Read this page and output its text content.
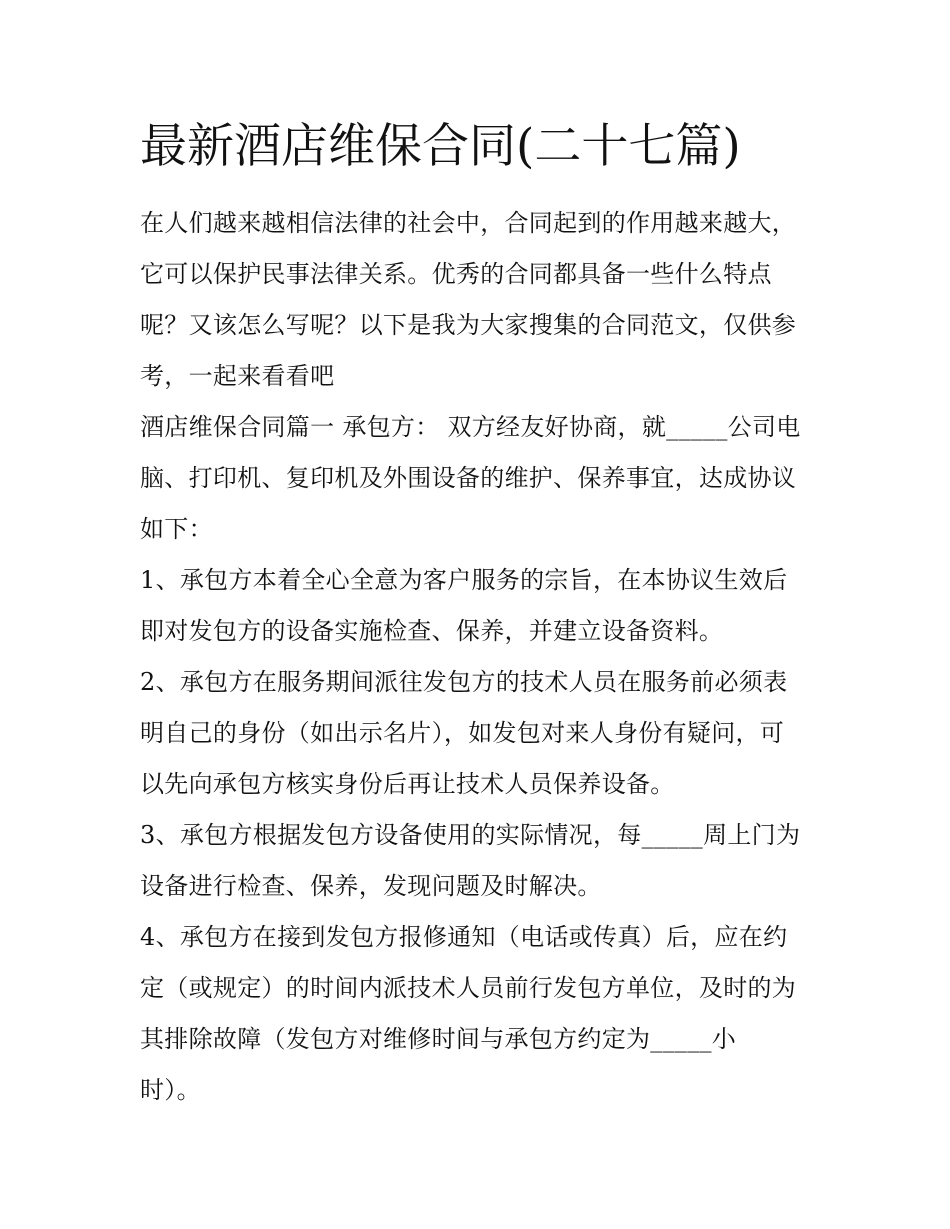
最新酒店维保合同(二十七篇)
在人们越来越相信法律的社会中，合同起到的作用越来越大，
它可以保护民事法律关系。优秀的合同都具备一些什么特点
呢？又该怎么写呢？以下是我为大家搜集的合同范文，仅供参
考，一起来看看吧
酒店维保合同篇一 承包方： 双方经友好协商，就_____公司电
脑、打印机、复印机及外围设备的维护、保养事宜，达成协议
如下：
1、承包方本着全心全意为客户服务的宗旨，在本协议生效后
即对发包方的设备实施检查、保养，并建立设备资料。
2、承包方在服务期间派往发包方的技术人员在服务前必须表
明自己的身份（如出示名片），如发包对来人身份有疑问，可
以先向承包方核实身份后再让技术人员保养设备。
3、承包方根据发包方设备使用的实际情况，每_____周上门为
设备进行检查、保养，发现问题及时解决。
4、承包方在接到发包方报修通知（电话或传真）后，应在约
定（或规定）的时间内派技术人员前行发包方单位，及时的为
其排除故障（发包方对维修时间与承包方约定为_____小
时）。
